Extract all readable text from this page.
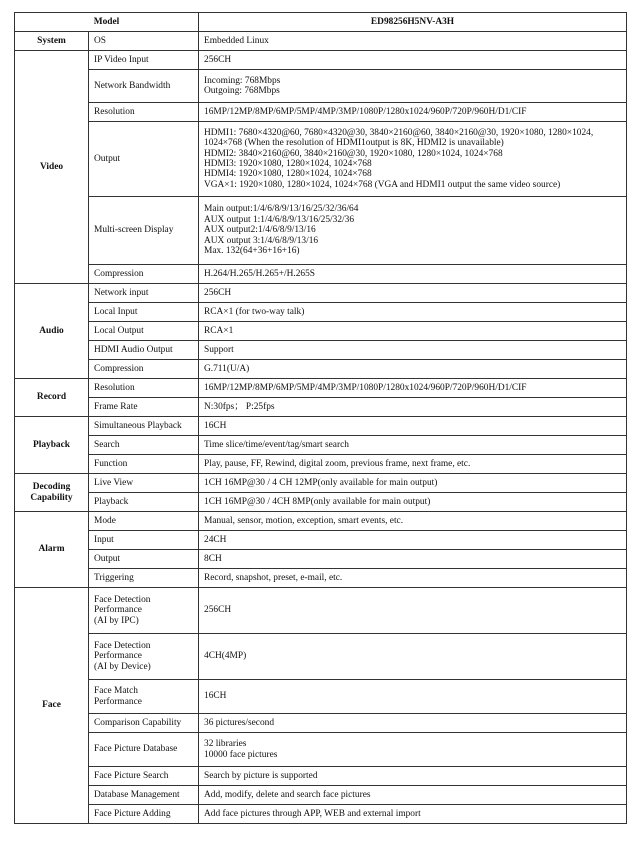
Model		ED98256H5NV-A3H
System	OS	Embedded Linux
Video	IP Video Input	256CH
	Network Bandwidth	Incoming: 768Mbps
Outgoing: 768Mbps
	Resolution	16MP/12MP/8MP/6MP/5MP/4MP/3MP/1080P/1280x1024/960P/720P/960H/D1/CIF
	Output	HDMI1: 7680×4320@60, 7680×4320@30, 3840×2160@60, 3840×2160@30, 1920×1080, 1280×1024, 1024×768 (When the resolution of HDMI1output is 8K, HDMI2 is unavailable)
HDMI2: 3840×2160@60, 3840×2160@30, 1920×1080, 1280×1024, 1024×768
HDMI3: 1920×1080, 1280×1024, 1024×768
HDMI4: 1920×1080, 1280×1024, 1024×768
VGA×1: 1920×1080, 1280×1024, 1024×768 (VGA and HDMI1 output the same video source)
	Multi-screen Display	Main output:1/4/6/8/9/13/16/25/32/36/64
AUX output 1:1/4/6/8/9/13/16/25/32/36
AUX output2:1/4/6/8/9/13/16
AUX output 3:1/4/6/8/9/13/16
Max. 132(64+36+16+16)
	Compression	H.264/H.265/H.265+/H.265S
Audio	Network input	256CH
	Local Input	RCA×1 (for two-way talk)
	Local Output	RCA×1
	HDMI Audio Output	Support
	Compression	G.711(U/A)
Record	Resolution	16MP/12MP/8MP/6MP/5MP/4MP/3MP/1080P/1280x1024/960P/720P/960H/D1/CIF
	Frame Rate	N:30fps； P:25fps
Playback	Simultaneous Playback	16CH
	Search	Time slice/time/event/tag/smart search
	Function	Play, pause, FF, Rewind, digital zoom, previous frame, next frame, etc.
Decoding
Capability	Live View	1CH 16MP@30 / 4 CH 12MP(only available for main output)
	Playback	1CH 16MP@30 / 4CH 8MP(only available for main output)
Alarm	Mode	Manual, sensor, motion, exception, smart events, etc.
	Input	24CH
	Output	8CH
	Triggering	Record, snapshot, preset, e-mail, etc.
Face	Face Detection
Performance
(AI by IPC)	256CH
	Face Detection
Performance
(AI by Device)	4CH(4MP)
	Face Match
Performance	16CH
	Comparison Capability	36 pictures/second
	Face Picture Database	32 libraries
10000 face pictures
	Face Picture Search	Search by picture is supported
	Database Management	Add, modify, delete and search face pictures
	Face Picture Adding	Add face pictures through APP, WEB and external import
